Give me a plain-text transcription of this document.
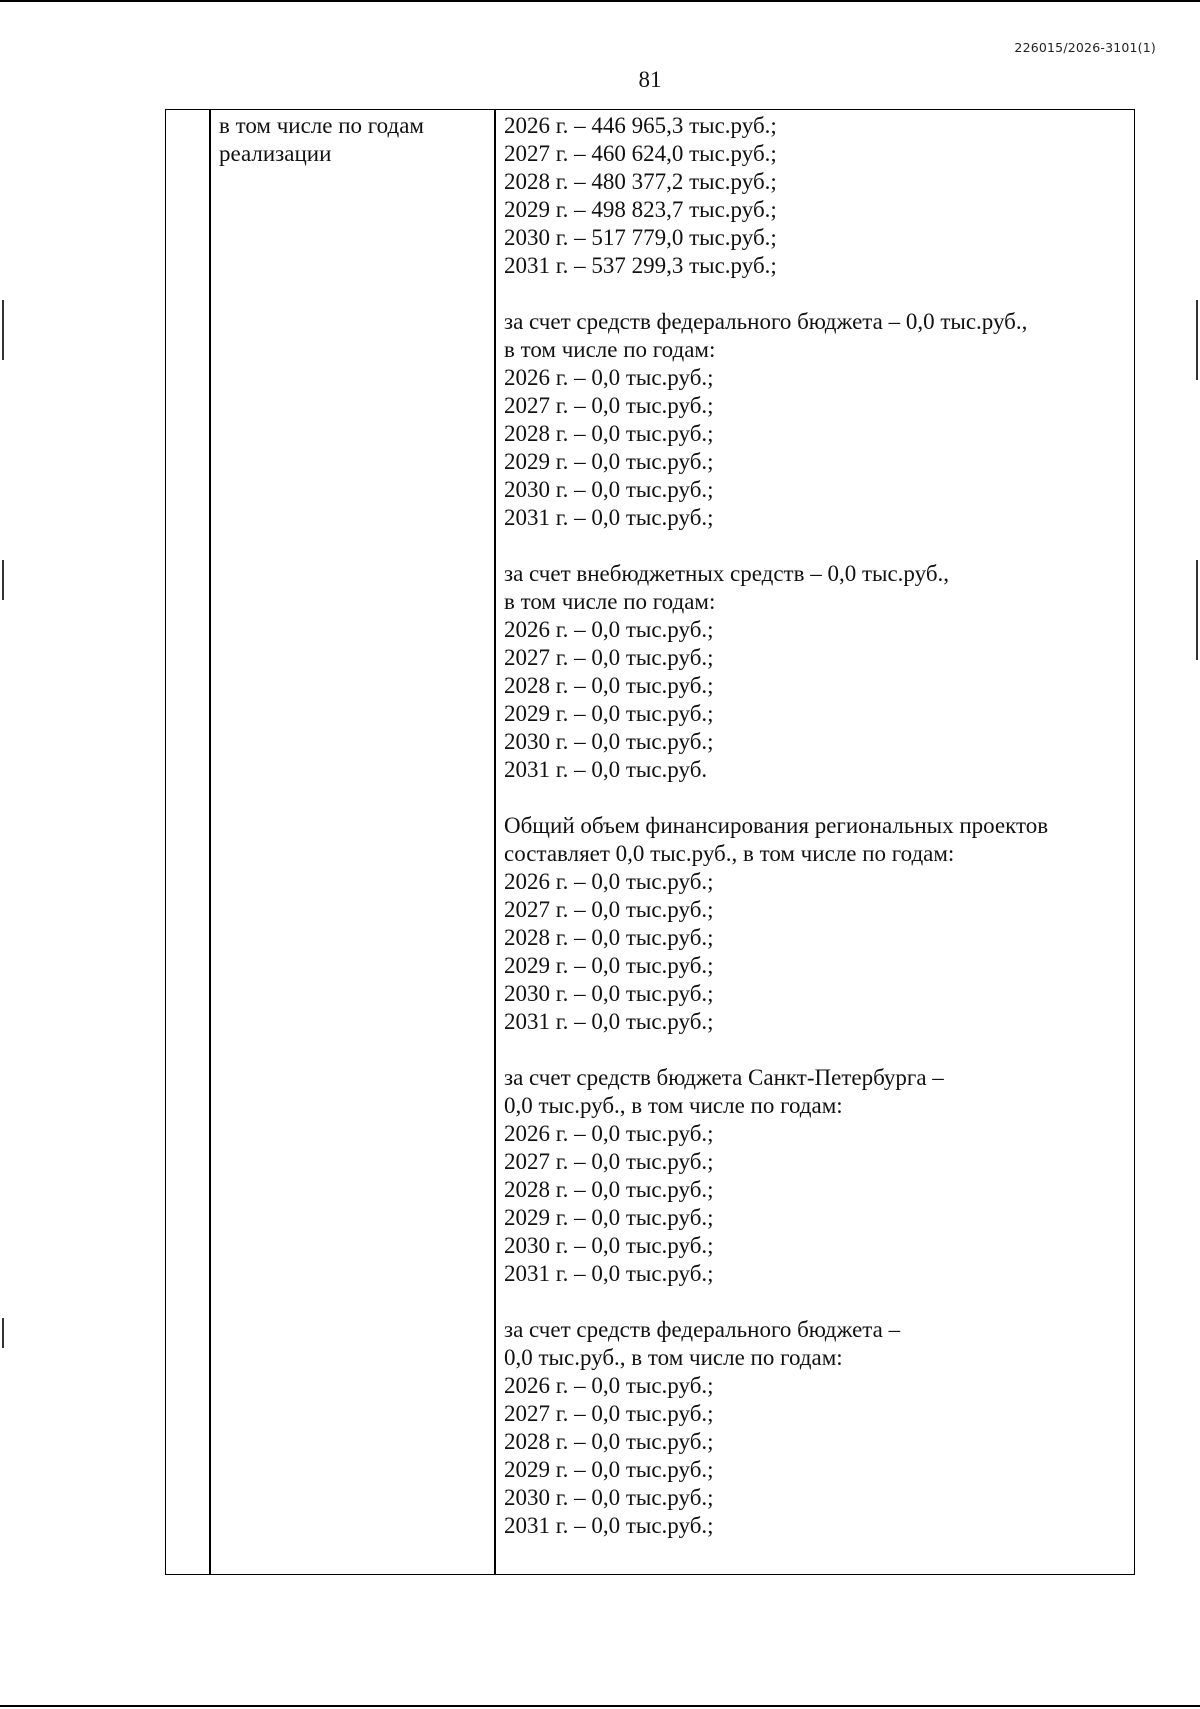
226015/2026-3101(1)
81
в том числе по годам
реализации
2026 г. – 446 965,3 тыс.руб.;
2027 г. – 460 624,0 тыс.руб.;
2028 г. – 480 377,2 тыс.руб.;
2029 г. – 498 823,7 тыс.руб.;
2030 г. – 517 779,0 тыс.руб.;
2031 г. – 537 299,3 тыс.руб.;
за счет средств федерального бюджета – 0,0 тыс.руб.,
в том числе по годам:
2026 г. – 0,0 тыс.руб.;
2027 г. – 0,0 тыс.руб.;
2028 г. – 0,0 тыс.руб.;
2029 г. – 0,0 тыс.руб.;
2030 г. – 0,0 тыс.руб.;
2031 г. – 0,0 тыс.руб.;
за счет внебюджетных средств – 0,0 тыс.руб.,
в том числе по годам:
2026 г. – 0,0 тыс.руб.;
2027 г. – 0,0 тыс.руб.;
2028 г. – 0,0 тыс.руб.;
2029 г. – 0,0 тыс.руб.;
2030 г. – 0,0 тыс.руб.;
2031 г. – 0,0 тыс.руб.
Общий объем финансирования региональных проектов
составляет 0,0 тыс.руб., в том числе по годам:
2026 г. – 0,0 тыс.руб.;
2027 г. – 0,0 тыс.руб.;
2028 г. – 0,0 тыс.руб.;
2029 г. – 0,0 тыс.руб.;
2030 г. – 0,0 тыс.руб.;
2031 г. – 0,0 тыс.руб.;
за счет средств бюджета Санкт-Петербурга –
0,0 тыс.руб., в том числе по годам:
2026 г. – 0,0 тыс.руб.;
2027 г. – 0,0 тыс.руб.;
2028 г. – 0,0 тыс.руб.;
2029 г. – 0,0 тыс.руб.;
2030 г. – 0,0 тыс.руб.;
2031 г. – 0,0 тыс.руб.;
за счет средств федерального бюджета –
0,0 тыс.руб., в том числе по годам:
2026 г. – 0,0 тыс.руб.;
2027 г. – 0,0 тыс.руб.;
2028 г. – 0,0 тыс.руб.;
2029 г. – 0,0 тыс.руб.;
2030 г. – 0,0 тыс.руб.;
2031 г. – 0,0 тыс.руб.;
